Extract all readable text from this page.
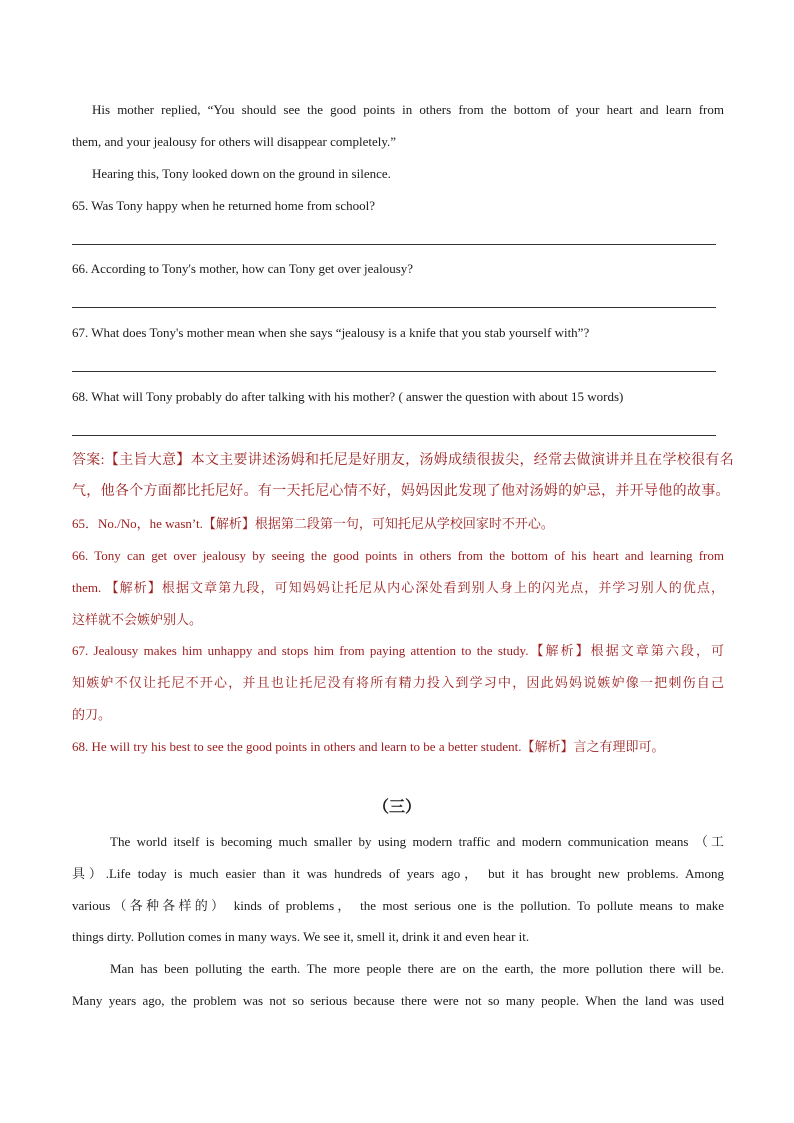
His mother replied, “You should see the good points in others from the bottom of your heart and learn from
them, and your jealousy for others will disappear completely.”
Hearing this, Tony looked down on the ground in silence.
65. Was Tony happy when he returned home from school?
66. According to Tony's mother, how can Tony get over jealousy?
67. What does Tony's mother mean when she says “jealousy is a knife that you stab yourself with”?
68. What will Tony probably do after talking with his mother? ( answer the question with about 15 words)
答案:【主旨大意】本文主要讲述汤姆和托尼是好朋友，汤姆成绩很拔尖，经常去做演讲并且在学校很有名
气，他各个方面都比托尼好。有一天托尼心情不好，妈妈因此发现了他对汤姆的妒忌，并开导他的故事。
65．No./No，he wasn’t.【解析】根据第二段第一句，可知托尼从学校回家时不开心。
66. Tony can get over jealousy by seeing the good points in others from the bottom of his heart and learning from
them. 【解析】根据文章第九段，可知妈妈让托尼从内心深处看到别人身上的闪光点，并学习别人的优点，
这样就不会嫉妒别人。
67. Jealousy makes him unhappy and stops him from paying attention to the study.【解析】根据文章第六段，可
知嫉妒不仅让托尼不开心，并且也让托尼没有将所有精力投入到学习中，因此妈妈说嫉妒像一把刺伤自己
的刀。
68. He will try his best to see the good points in others and learn to be a better student.【解析】言之有理即可。
（三）
The world itself is becoming much smaller by using modern traffic and modern communication means （工
具）.Life today is much easier than it was hundreds of years ago， but it has brought new problems. Among
various（各种各样的） kinds of problems， the most serious one is the pollution. To pollute means to make
things dirty. Pollution comes in many ways. We see it, smell it, drink it and even hear it.
Man has been polluting the earth. The more people there are on the earth, the more pollution there will be.
Many years ago, the problem was not so serious because there were not so many people. When the land was used
